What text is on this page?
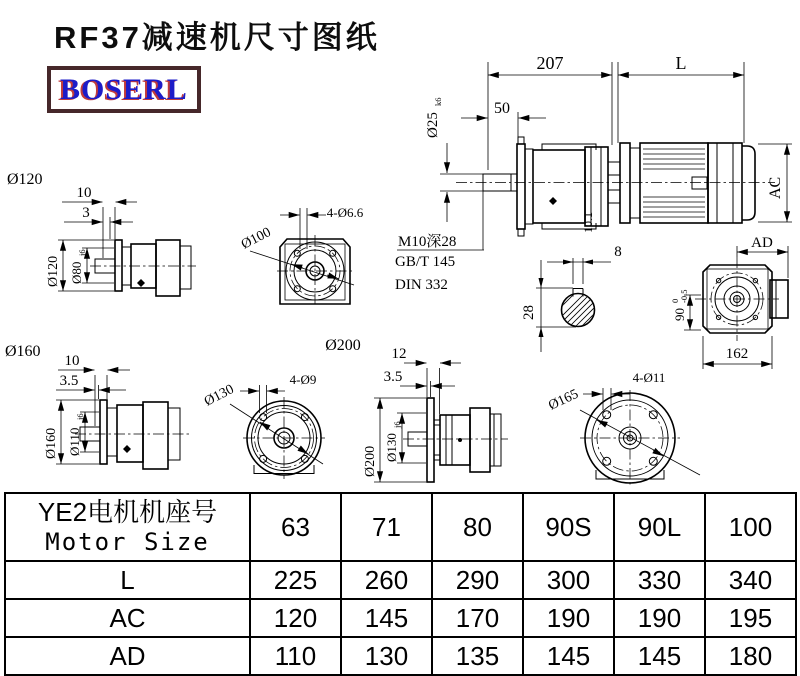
RF37减速机尺寸图纸
BOSERL
10.1
207	L
50
Ø25
k6
AC
M10深28
GB/T 145
DIN 332
8
28
AD
90
0 -0.5
162
Ø120
10
3
Ø120 Ø80
j6
Ø100
4-Ø6.6
Ø160
10
3.5
Ø160 Ø110
j6
Ø200
4-Ø9
Ø130
12
3.5
Ø200 Ø130
j6
4-Ø11
Ø165
YE2电机机座号
Motor Size	63	71	80	90S	90L	100
L	225	260	290	300	330	340
AC	120	145	170	190	190	195
AD	110	130	135	145	145	180
